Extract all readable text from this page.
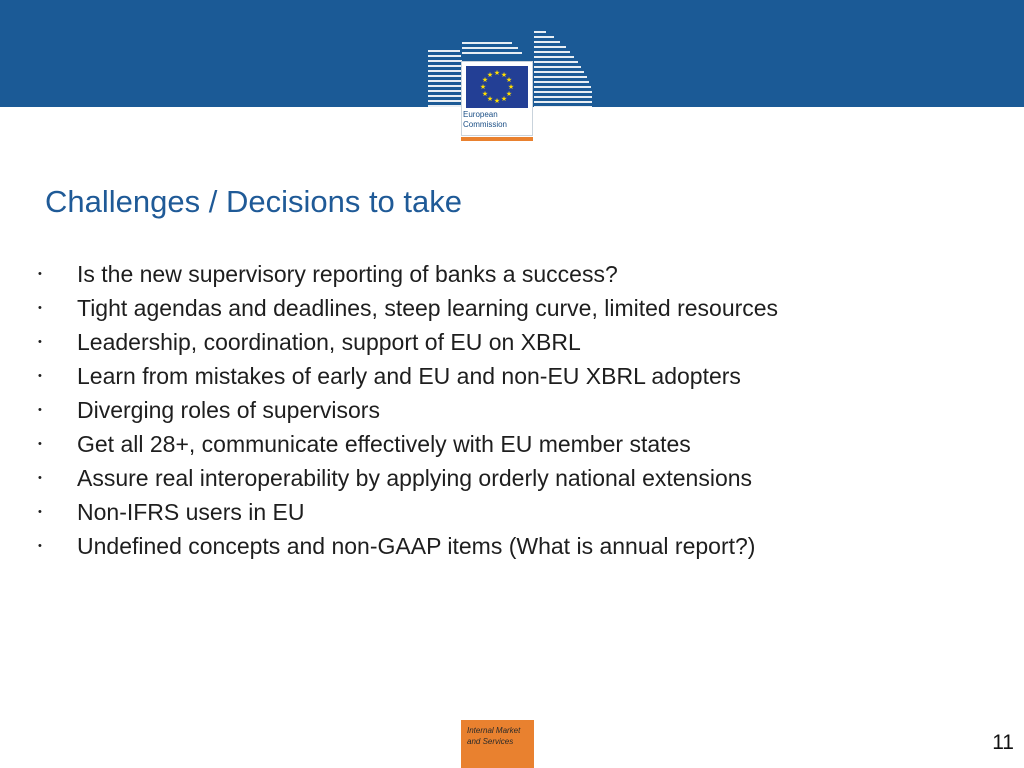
★ ★
★
★
★
★
★
★
★
★
★
★
European
Commission
Challenges / Decisions to take
•	Is the new supervisory reporting of banks a success?
•	Tight agendas and deadlines, steep learning curve, limited resources
•	Leadership, coordination, support of EU on XBRL
•	Learn from mistakes of early and EU and non-EU XBRL adopters
•	Diverging roles of supervisors
•	Get all 28+, communicate effectively with EU member states
•	Assure real interoperability by applying orderly national extensions
•	Non-IFRS users in EU
•	Undefined concepts and non-GAAP items (What is annual report?)
Internal Market
and Services	11
